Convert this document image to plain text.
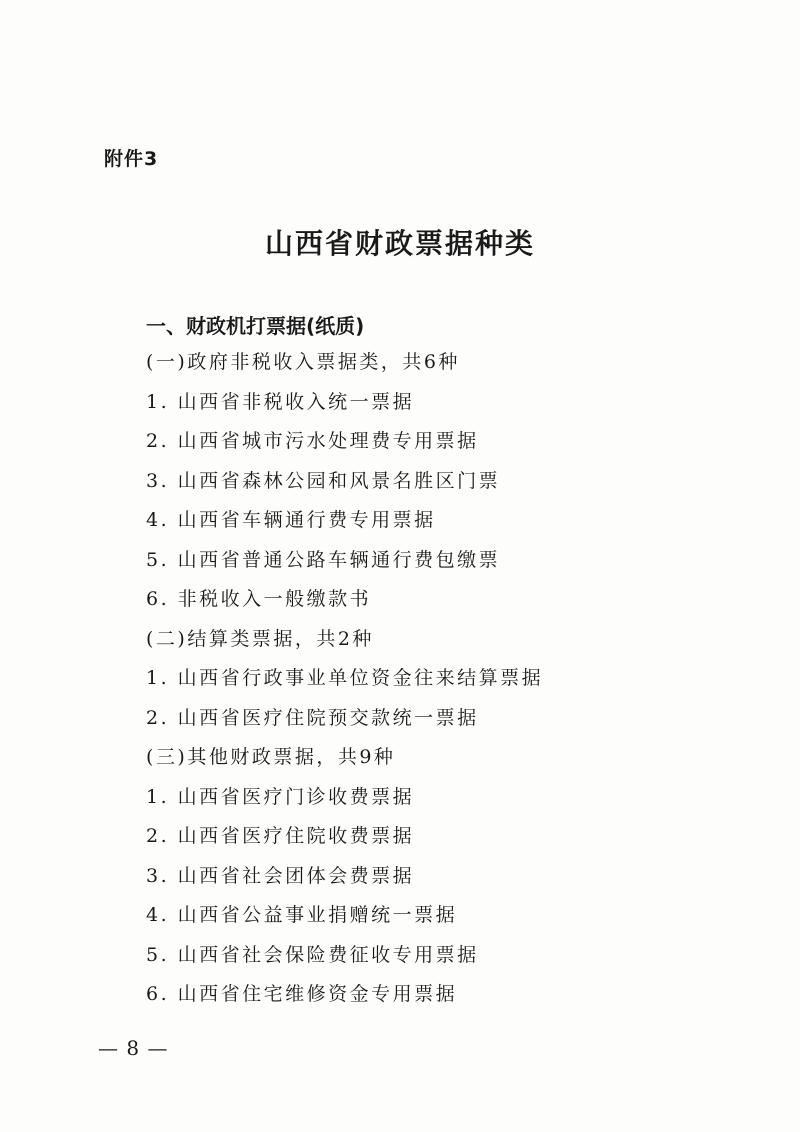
附件3
山西省财政票据种类
一、财政机打票据(纸质)
(一)政府非税收入票据类，共6种
1. 山西省非税收入统一票据
2. 山西省城市污水处理费专用票据
3. 山西省森林公园和风景名胜区门票
4. 山西省车辆通行费专用票据
5. 山西省普通公路车辆通行费包缴票
6. 非税收入一般缴款书
(二)结算类票据，共2种
1. 山西省行政事业单位资金往来结算票据
2. 山西省医疗住院预交款统一票据
(三)其他财政票据，共9种
1. 山西省医疗门诊收费票据
2. 山西省医疗住院收费票据
3. 山西省社会团体会费票据
4. 山西省公益事业捐赠统一票据
5. 山西省社会保险费征收专用票据
6. 山西省住宅维修资金专用票据
— 8 —
